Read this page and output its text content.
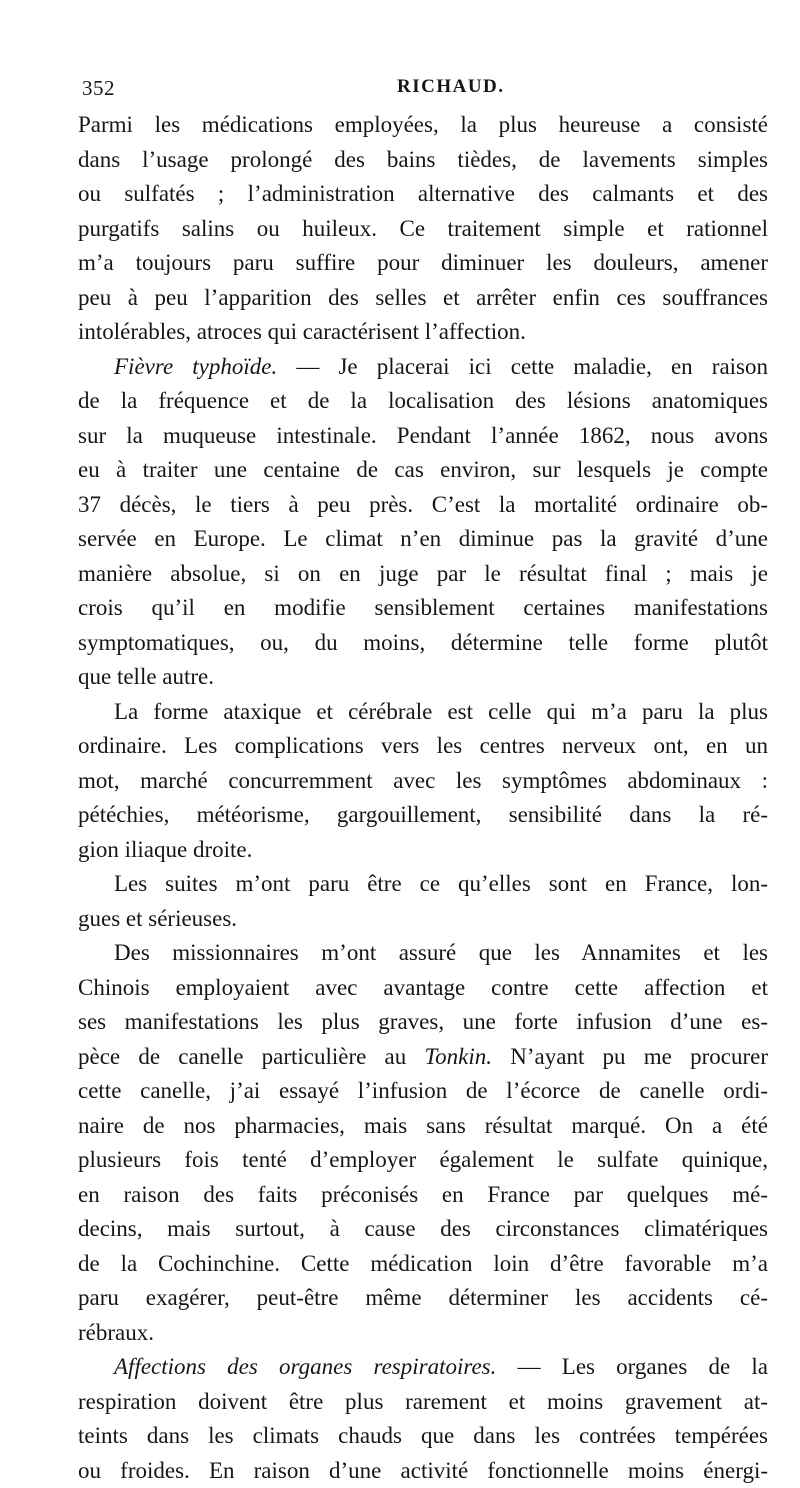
352	RICHAUD.
Parmi les médications employées, la plus heureuse a consisté
dans l’usage prolongé des bains tièdes, de lavements simples
ou sulfatés ; l’administration alternative des calmants et des
purgatifs salins ou huileux. Ce traitement simple et rationnel
m’a toujours paru suffire pour diminuer les douleurs, amener
peu à peu l’apparition des selles et arrêter enfin ces souffrances
intolérables, atroces qui caractérisent l’affection.
Fièvre typhoïde. — Je placerai ici cette maladie, en raison
de la fréquence et de la localisation des lésions anatomiques
sur la muqueuse intestinale. Pendant l’année 1862, nous avons
eu à traiter une centaine de cas environ, sur lesquels je compte
37 décès, le tiers à peu près. C’est la mortalité ordinaire ob-
servée en Europe. Le climat n’en diminue pas la gravité d’une
manière absolue, si on en juge par le résultat final ; mais je
crois qu’il en modifie sensiblement certaines manifestations
symptomatiques, ou, du moins, détermine telle forme plutôt
que telle autre.
La forme ataxique et cérébrale est celle qui m’a paru la plus
ordinaire. Les complications vers les centres nerveux ont, en un
mot, marché concurremment avec les symptômes abdominaux :
pétéchies, météorisme, gargouillement, sensibilité dans la ré-
gion iliaque droite.
Les suites m’ont paru être ce qu’elles sont en France, lon-
gues et sérieuses.
Des missionnaires m’ont assuré que les Annamites et les
Chinois employaient avec avantage contre cette affection et
ses manifestations les plus graves, une forte infusion d’une es-
pèce de canelle particulière au Tonkin. N’ayant pu me procurer
cette canelle, j’ai essayé l’infusion de l’écorce de canelle ordi-
naire de nos pharmacies, mais sans résultat marqué. On a été
plusieurs fois tenté d’employer également le sulfate quinique,
en raison des faits préconisés en France par quelques mé-
decins, mais surtout, à cause des circonstances climatériques
de la Cochinchine. Cette médication loin d’être favorable m’a
paru exagérer, peut-être même déterminer les accidents cé-
rébraux.
Affections des organes respiratoires. — Les organes de la
respiration doivent être plus rarement et moins gravement at-
teints dans les climats chauds que dans les contrées tempérées
ou froides. En raison d’une activité fonctionnelle moins énergi-
